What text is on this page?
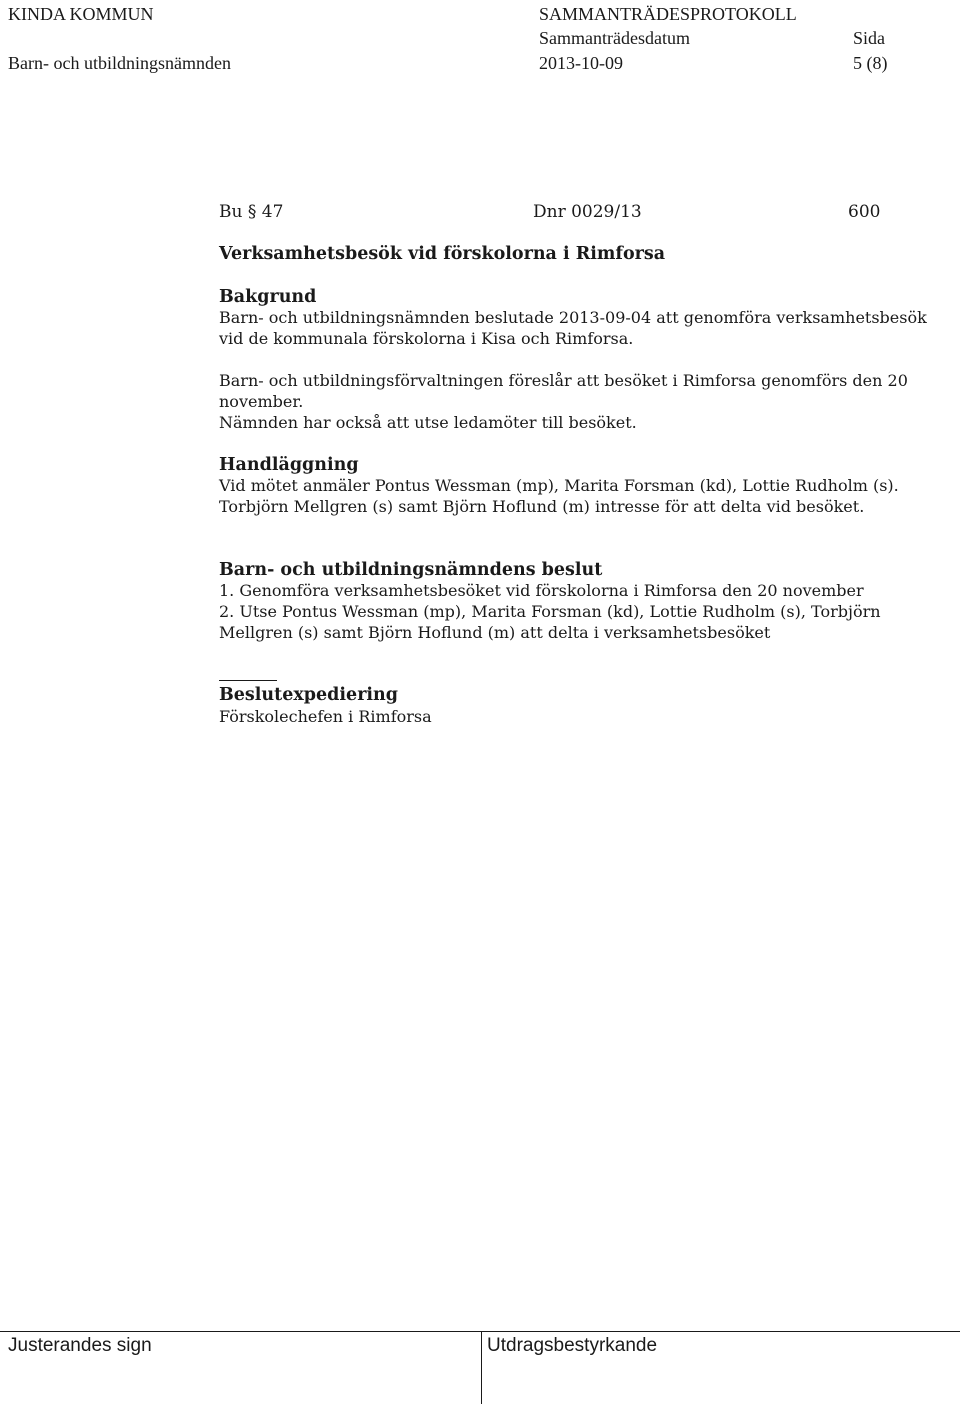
KINDA KOMMUN
Barn- och utbildningsnämnden
SAMMANTRÄDESPROTOKOLL
Sammanträdesdatum
2013-10-09
Sida
5 (8)
Bu § 47	Dnr 0029/13	600
Verksamhetsbesök vid förskolorna i Rimforsa
Bakgrund
Barn- och utbildningsnämnden beslutade 2013-09-04 att genomföra verksamhetsbesök
vid de kommunala förskolorna i Kisa och Rimforsa.
Barn- och utbildningsförvaltningen föreslår att besöket i Rimforsa genomförs den 20
november.
Nämnden har också att utse ledamöter till besöket.
Handläggning
Vid mötet anmäler Pontus Wessman (mp), Marita Forsman (kd), Lottie Rudholm (s).
Torbjörn Mellgren (s) samt Björn Hoflund (m) intresse för att delta vid besöket.
Barn- och utbildningsnämndens beslut
1. Genomföra verksamhetsbesöket vid förskolorna i Rimforsa den 20 november
2. Utse Pontus Wessman (mp), Marita Forsman (kd), Lottie Rudholm (s), Torbjörn
Mellgren (s) samt Björn Hoflund (m) att delta i verksamhetsbesöket
Beslutexpediering
Förskolechefen i Rimforsa
Justerandes sign	Utdragsbestyrkande
